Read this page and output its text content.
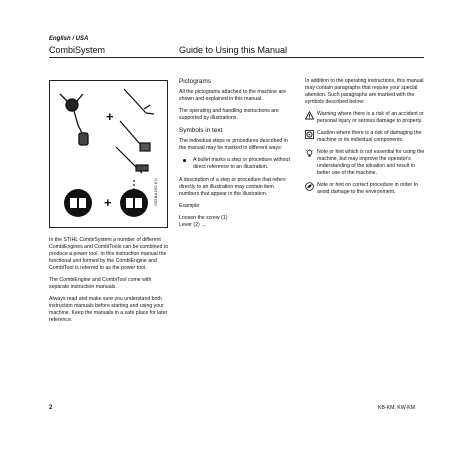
English / USA
CombiSystem	Guide to Using this Manual
+
+	002BA160 KN

In the STIHL CombiSystem a number of different CombiEngines and CombiTools can be combined to produce a power tool. In this instruction manual the functional unit formed by the CombiEngine and CombiTool is referred to as the power tool.

The CombiEngine and CombiTool come with separate instruction manuals.

Always read and make sure you understand both instruction manuals before starting and using your machine. Keep the manuals in a safe place for later reference.

Pictograms

All the pictograms attached to the machine are shown and explained in this manual.

The operating and handling instructions are supported by illustrations.

Symbols in text

The individual steps or procedures described in the manual may be marked in different ways:

A bullet marks a step or procedure without direct reference to an illustration.

A description of a step or procedure that refers directly to an illustration may contain item numbers that appear in the illustration.

Example:

Loosen the screw (1)

Lever (2) ...

In addition to the operating instructions, this manual may contain paragraphs that require your special attention. Such paragraphs are marked with the symbols described below:

Warning where there is a risk of an accident or personal injury or serious damage to property.
Caution where there is a risk of damaging the machine or its individual components.
Note or hint which is not essential for using the machine, but may improve the operator's understanding of the situation and result in better use of the machine.
Note or hint on correct procedure in order to avoid damage to the environment.
2	KB-KM, KW-KM
